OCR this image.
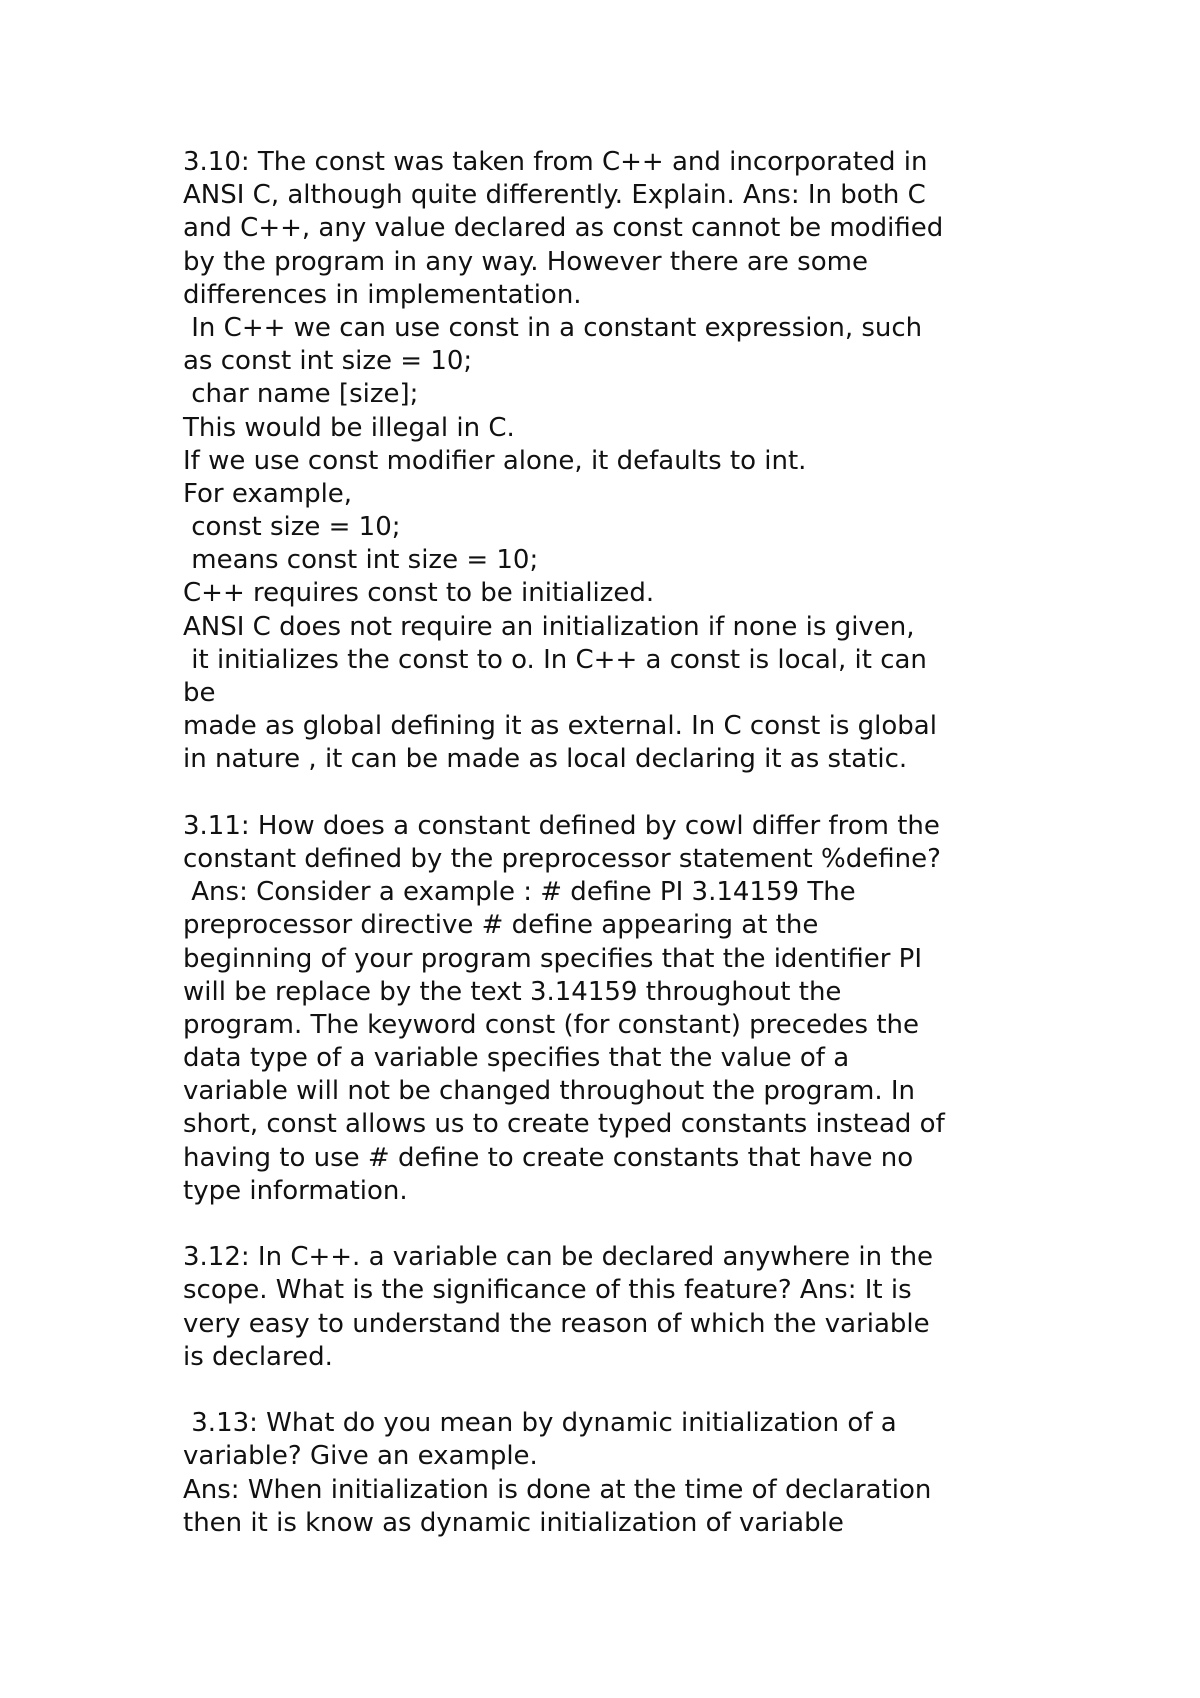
3.10: The const was taken from C++ and incorporated in
ANSI C, although quite differently. Explain. Ans: In both C
and C++, any value declared as const cannot be modified
by the program in any way. However there are some
differences in implementation.
In C++ we can use const in a constant expression, such
as const int size = 10;
char name [size];
This would be illegal in C.
If we use const modifier alone, it defaults to int.
For example,
const size = 10;
means const int size = 10;
C++ requires const to be initialized.
ANSI C does not require an initialization if none is given,
it initializes the const to o. In C++ a const is local, it can
be
made as global defining it as external. In C const is global
in nature , it can be made as local declaring it as static.
3.11: How does a constant defined by cowl differ from the
constant defined by the preprocessor statement %define?
Ans: Consider a example : # define PI 3.14159 The
preprocessor directive # define appearing at the
beginning of your program specifies that the identifier PI
will be replace by the text 3.14159 throughout the
program. The keyword const (for constant) precedes the
data type of a variable specifies that the value of a
variable will not be changed throughout the program. In
short, const allows us to create typed constants instead of
having to use # define to create constants that have no
type information.
3.12: In C++. a variable can be declared anywhere in the
scope. What is the significance of this feature? Ans: It is
very easy to understand the reason of which the variable
is declared.
3.13: What do you mean by dynamic initialization of a
variable? Give an example.
Ans: When initialization is done at the time of declaration
then it is know as dynamic initialization of variable
